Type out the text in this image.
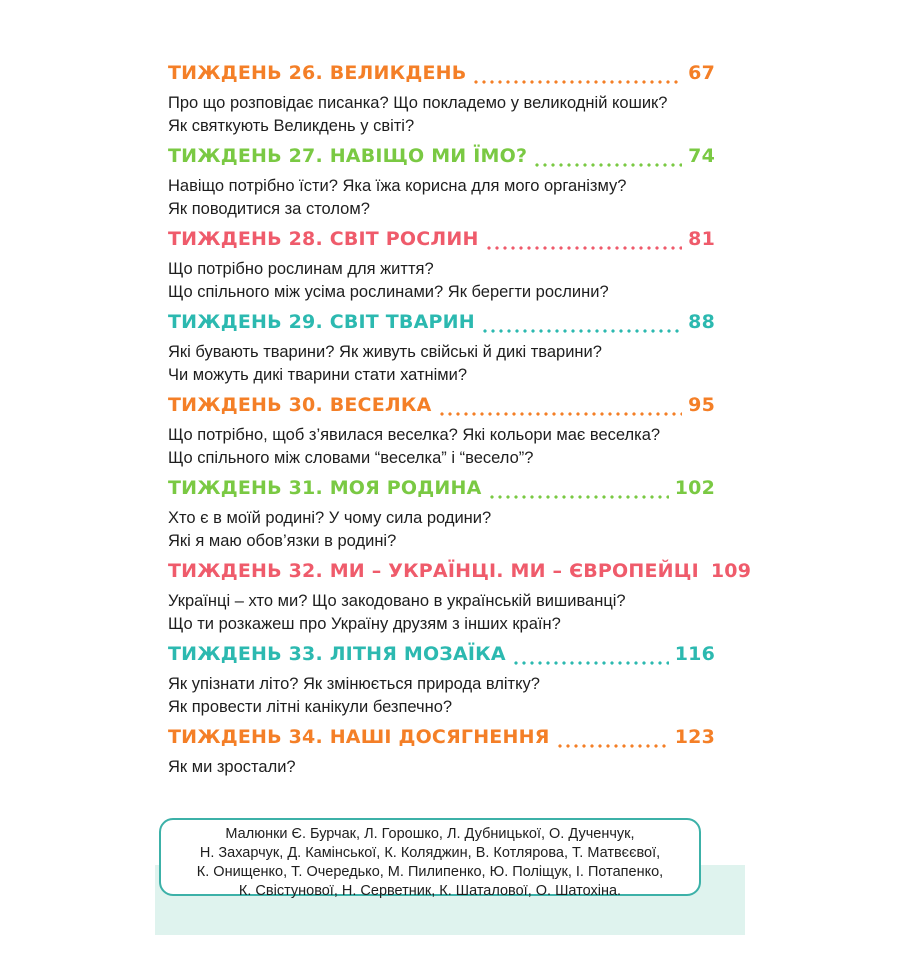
ТИЖДЕНЬ 26. ВЕЛИКДЕНЬ	67
Про що розповідає писанка? Що покладемо у великодній кошик?
Як святкують Великдень у світі?
ТИЖДЕНЬ 27. НАВІЩО МИ ЇМО?	74
Навіщо потрібно їсти? Яка їжа корисна для мого організму?
Як поводитися за столом?
ТИЖДЕНЬ 28. СВІТ РОСЛИН	81
Що потрібно рослинам для життя?
Що спільного між усіма рослинами? Як берегти рослини?
ТИЖДЕНЬ 29. СВІТ ТВАРИН	88
Які бувають тварини? Як живуть свійські й дикі тварини?
Чи можуть дикі тварини стати хатніми?
ТИЖДЕНЬ 30. ВЕСЕЛКА	95
Що потрібно, щоб з’явилася веселка? Які кольори має веселка?
Що спільного між словами “веселка” і “весело”?
ТИЖДЕНЬ 31. МОЯ РОДИНА	102
Хто є в моїй родині? У чому сила родини?
Які я маю обов’язки в родині?
ТИЖДЕНЬ 32. МИ – УКРАЇНЦІ. МИ – ЄВРОПЕЙЦІ 109
Українці – хто ми? Що закодовано в українській вишиванці?
Що ти розкажеш про Україну друзям з інших країн?
ТИЖДЕНЬ 33. ЛІТНЯ МОЗАЇКА	116
Як упізнати літо? Як змінюється природа влітку?
Як провести літні канікули безпечно?
ТИЖДЕНЬ 34. НАШІ ДОСЯГНЕННЯ	123
Як ми зростали?
Малюнки Є. Бурчак, Л. Горошко, Л. Дубницької, О. Дученчук,
Н. Захарчук, Д. Камінської, К. Коляджин, В. Котлярова, Т. Матвєєвої,
К. Онищенко, Т. Очередько, М. Пилипенко, Ю. Поліщук, І. Потапенко,
К. Свістунової, Н. Серветник, К. Шаталової, О. Шатохіна.
